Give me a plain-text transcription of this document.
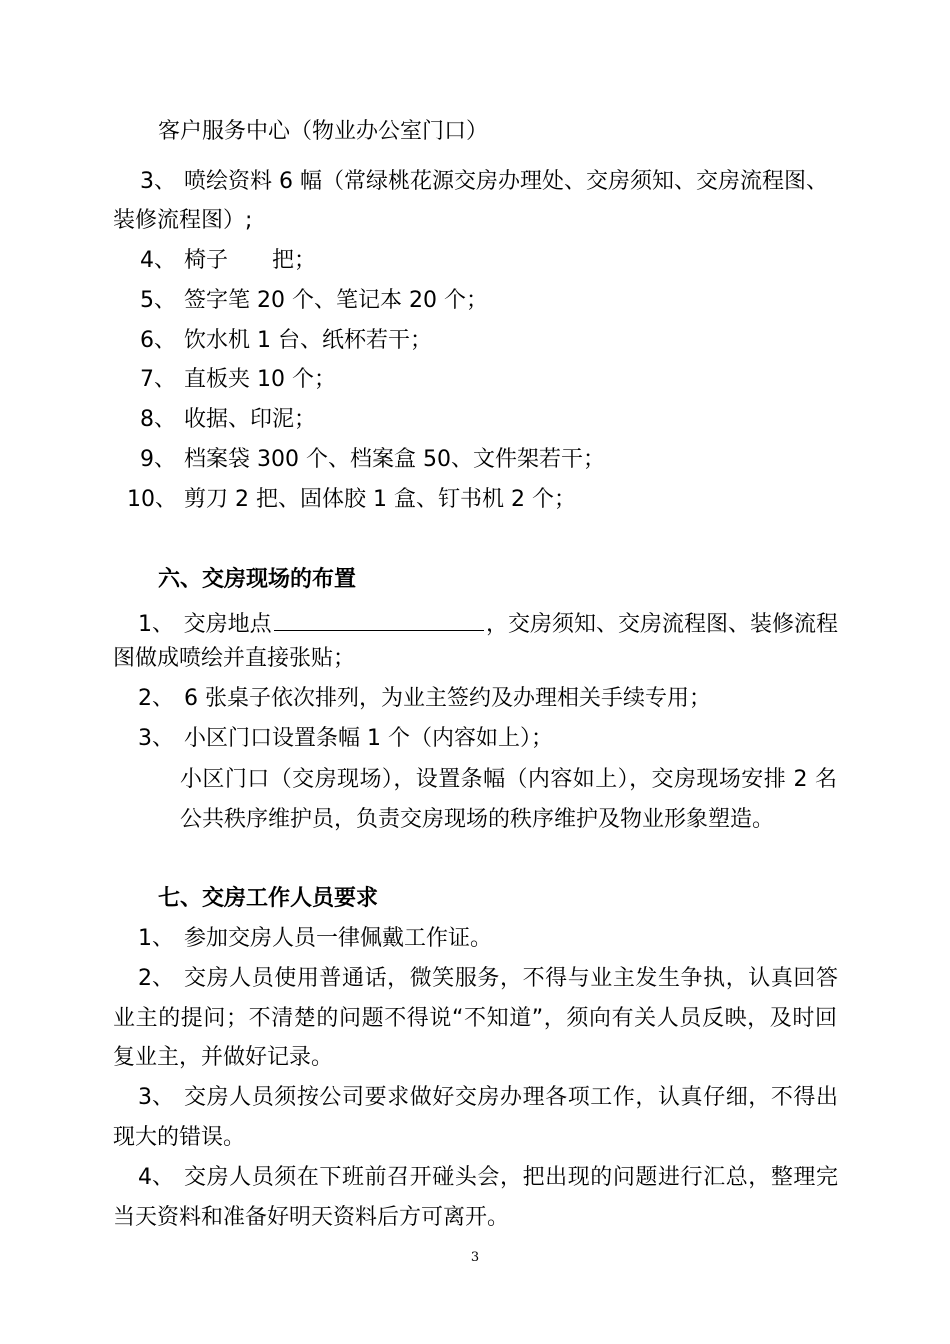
客户服务中心（物业办公室门口）
3、 喷绘资料 6 幅（常绿桃花源交房办理处、交房须知、交房流程图、
装修流程图）;
4、 椅子　　把；
5、 签字笔 20 个、笔记本 20 个；
6、 饮水机 1 台、纸杯若干；
7、 直板夹 10 个；
8、 收据、印泥；
9、 档案袋 300 个、档案盒 50、文件架若干；
10、 剪刀 2 把、固体胶 1 盒、钉书机 2 个；
六、交房现场的布置
1、 交房地点	，交房须知、交房流程图、装修流程
图做成喷绘并直接张贴；
2、 6 张桌子依次排列，为业主签约及办理相关手续专用；
3、 小区门口设置条幅 1 个（内容如上）；
小区门口（交房现场），设置条幅（内容如上），交房现场安排 2 名
公共秩序维护员，负责交房现场的秩序维护及物业形象塑造。
七、交房工作人员要求
1、 参加交房人员一律佩戴工作证。
2、 交房人员使用普通话，微笑服务，不得与业主发生争执，认真回答
业主的提问；不清楚的问题不得说“不知道”，须向有关人员反映，及时回
复业主，并做好记录。
3、 交房人员须按公司要求做好交房办理各项工作，认真仔细，不得出
现大的错误。
4、 交房人员须在下班前召开碰头会，把出现的问题进行汇总，整理完
当天资料和准备好明天资料后方可离开。
3
